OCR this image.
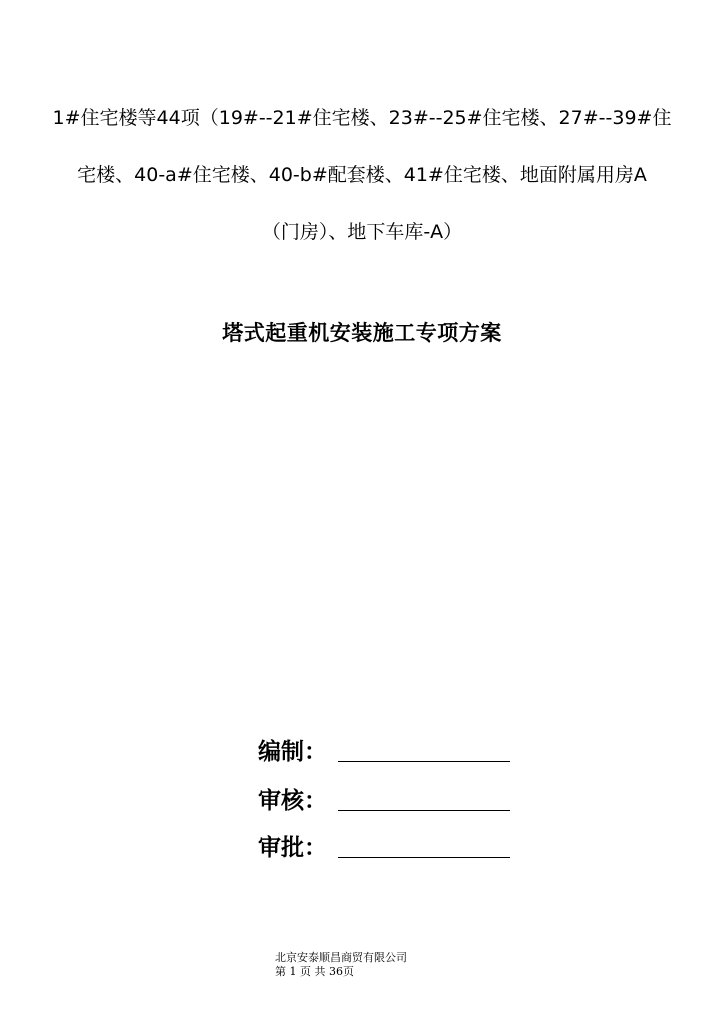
1#住宅楼等44项（19#--21#住宅楼、23#--25#住宅楼、27#--39#住
宅楼、40-a#住宅楼、40-b#配套楼、41#住宅楼、地面附属用房A
（门房）、地下车库-A）
塔式起重机安装施工专项方案
编制：
审核：
审批：
北京安泰顺昌商贸有限公司
第 1 页 共 36页
